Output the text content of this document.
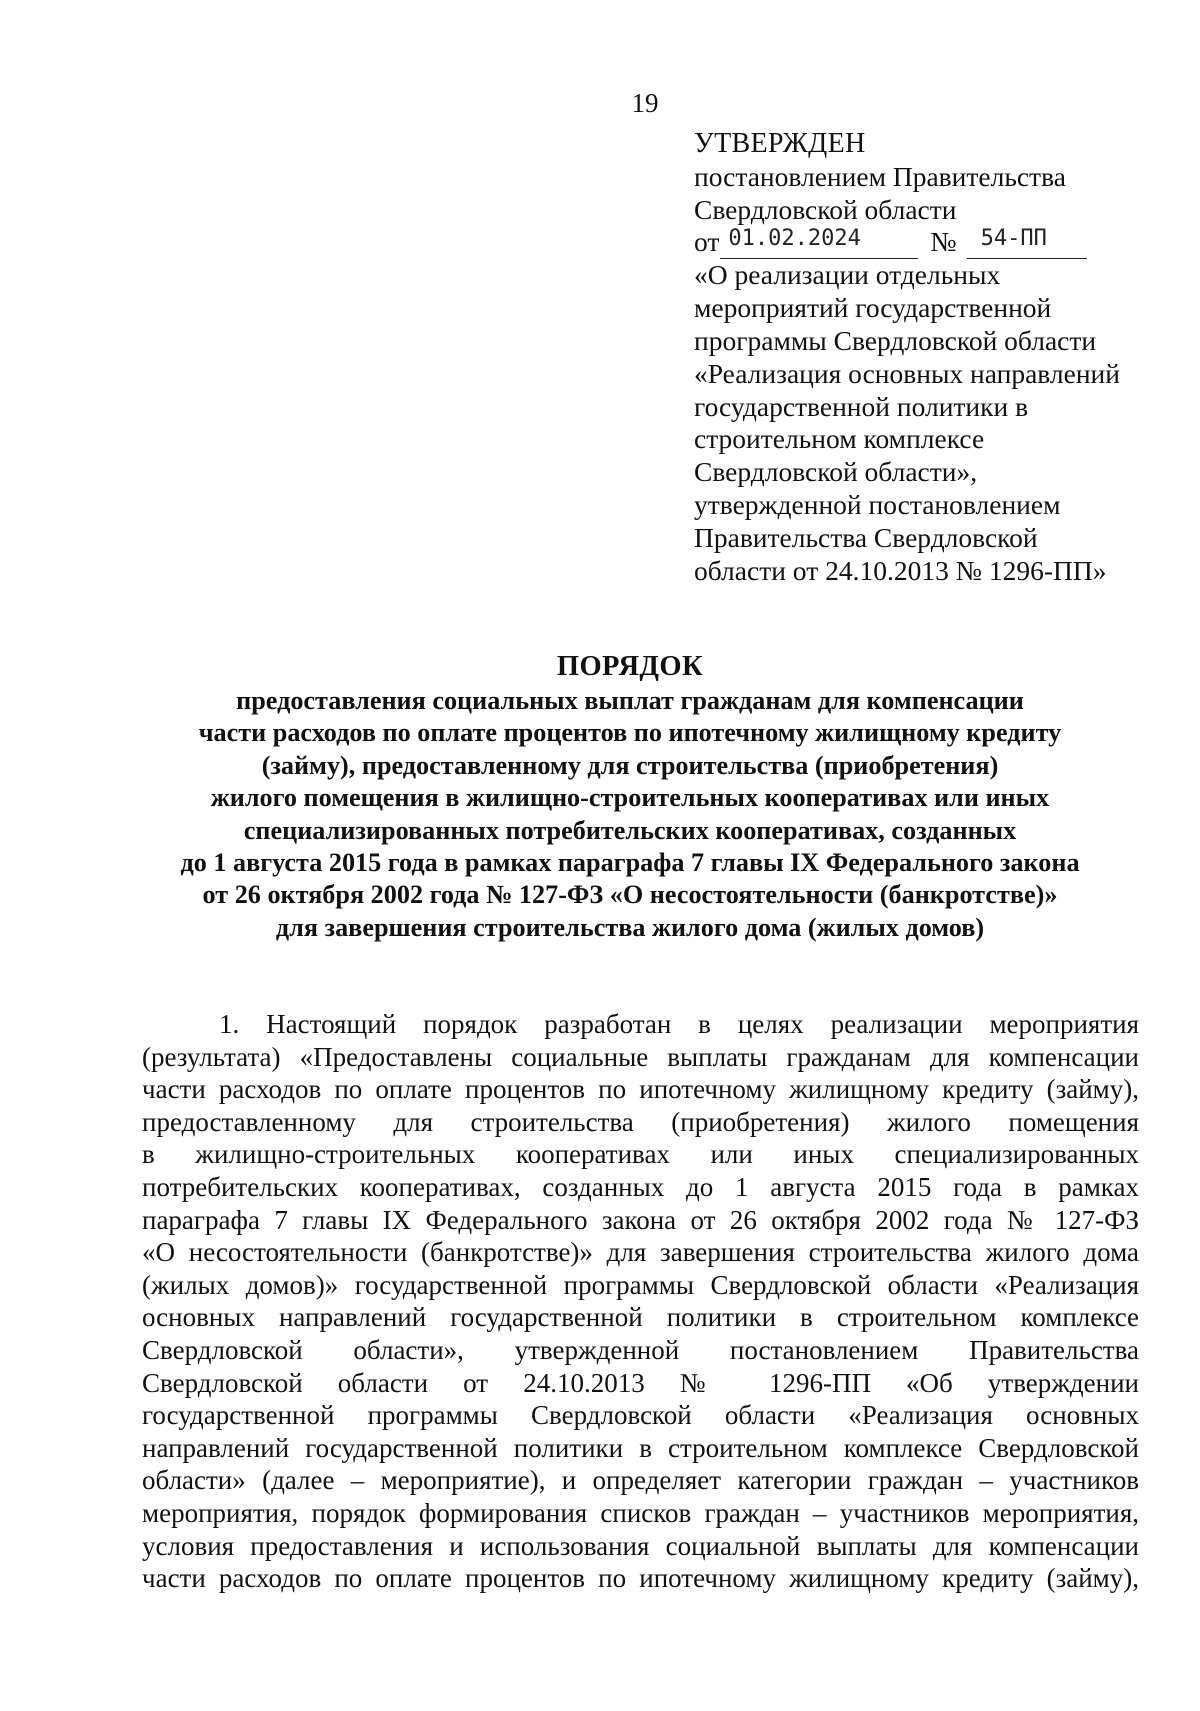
19
УТВЕРЖДЕН
постановлением Правительства
Свердловской области
от 01.02.2024	№ 54-ПП
«О реализации отдельных
мероприятий государственной
программы Свердловской области
«Реализация основных направлений
государственной политики в
строительном комплексе
Свердловской области»,
утвержденной постановлением
Правительства Свердловской
области от 24.10.2013 № 1296-ПП»
ПОРЯДОК
предоставления социальных выплат гражданам для компенсации
части расходов по оплате процентов по ипотечному жилищному кредиту
(займу), предоставленному для строительства (приобретения)
жилого помещения в жилищно-строительных кооперативах или иных
специализированных потребительских кооперативах, созданных
до 1 августа 2015 года в рамках параграфа 7 главы IX Федерального закона
от 26 октября 2002 года № 127-ФЗ «О несостоятельности (банкротстве)»
для завершения строительства жилого дома (жилых домов)
1. Настоящий порядок разработан в целях реализации мероприятия
(результата) «Предоставлены социальные выплаты гражданам для компенсации
части расходов по оплате процентов по ипотечному жилищному кредиту (займу),
предоставленному для строительства (приобретения) жилого помещения
в жилищно-строительных кооперативах или иных специализированных
потребительских кооперативах, созданных до 1 августа 2015 года в рамках
параграфа 7 главы IX Федерального закона от 26 октября 2002 года № 127-ФЗ
«О несостоятельности (банкротстве)» для завершения строительства жилого дома
(жилых домов)» государственной программы Свердловской области «Реализация
основных направлений государственной политики в строительном комплексе
Свердловской области», утвержденной постановлением Правительства
Свердловской области от 24.10.2013 № 1296-ПП «Об утверждении
государственной программы Свердловской области «Реализация основных
направлений государственной политики в строительном комплексе Свердловской
области» (далее – мероприятие), и определяет категории граждан – участников
мероприятия, порядок формирования списков граждан – участников мероприятия,
условия предоставления и использования социальной выплаты для компенсации
части расходов по оплате процентов по ипотечному жилищному кредиту (займу),
